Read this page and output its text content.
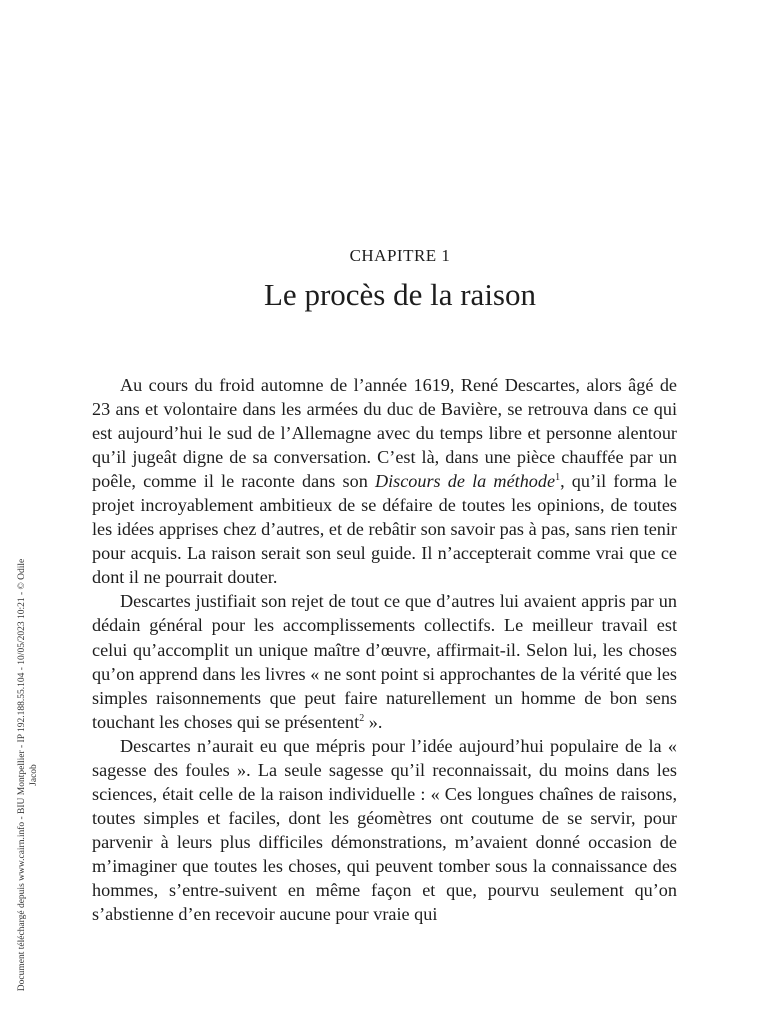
CHAPITRE 1
Le procès de la raison

Au cours du froid automne de l’année 1619, René Descartes, alors âgé de 23 ans et volontaire dans les armées du duc de Bavière, se retrouva dans ce qui est aujourd’hui le sud de l’Allemagne avec du temps libre et personne alentour qu’il jugeât digne de sa conversation. C’est là, dans une pièce chauffée par un poêle, comme il le raconte dans son Discours de la méthode$^1$, qu’il forma le projet incroyablement ambitieux de se défaire de toutes les opinions, de toutes les idées apprises chez d’autres, et de rebâtir son savoir pas à pas, sans rien tenir pour acquis. La raison serait son seul guide. Il n’accepterait comme vrai que ce dont il ne pourrait douter.

Descartes justifiait son rejet de tout ce que d’autres lui avaient appris par un dédain général pour les accomplissements collectifs. Le meilleur travail est celui qu’accomplit un unique maître d’œuvre, affirmait-il. Selon lui, les choses qu’on apprend dans les livres « ne sont point si approchantes de la vérité que les simples raisonnements que peut faire naturellement un homme de bon sens touchant les choses qui se présentent$^2$ ».

Descartes n’aurait eu que mépris pour l’idée aujourd’hui populaire de la « sagesse des foules ». La seule sagesse qu’il reconnaissait, du moins dans les sciences, était celle de la raison individuelle : « Ces longues chaînes de raisons, toutes simples et faciles, dont les géomètres ont coutume de se servir, pour parvenir à leurs plus difficiles démonstrations, m’avaient donné occasion de m’imaginer que toutes les choses, qui peuvent tomber sous la connaissance des hommes, s’entre-suivent en même façon et que, pourvu seulement qu’on s’abstienne d’en recevoir aucune pour vraie qui

Document téléchargé depuis www.cairn.info - BIU Montpellier - IP 192.188.55.104 - 10/05/2023 10:21 - © Odile Jacob
